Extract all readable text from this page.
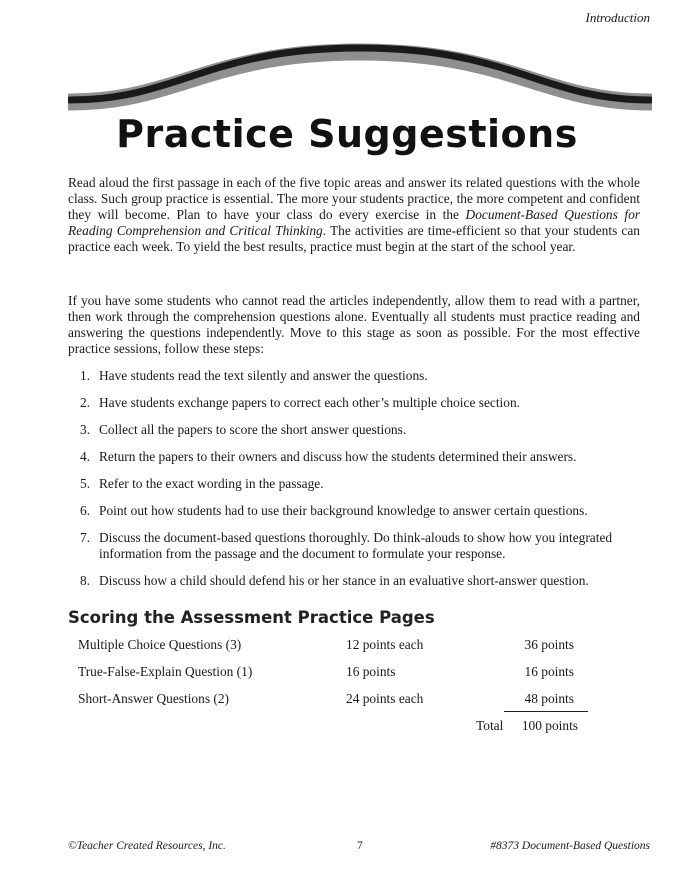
Introduction
Practice Suggestions

Read aloud the first passage in each of the five topic areas and answer its related questions with the whole class. Such group practice is essential. The more your students practice, the more competent and confident they will become. Plan to have your class do every exercise in the Document-Based Questions for Reading Comprehension and Critical Thinking. The activities are time-efficient so that your students can practice each week. To yield the best results, practice must begin at the start of the school year.

If you have some students who cannot read the articles independently, allow them to read with a partner, then work through the comprehension questions alone. Eventually all students must practice reading and answering the questions independently. Move to this stage as soon as possible. For the most effective practice sessions, follow these steps:

1. Have students read the text silently and answer the questions.
2. Have students exchange papers to correct each other’s multiple choice section.
3. Collect all the papers to score the short answer questions.
4. Return the papers to their owners and discuss how the students determined their answers.
5. Refer to the exact wording in the passage.
6. Point out how students had to use their background knowledge to answer certain questions.
7. Discuss the document-based questions thoroughly. Do think-alouds to show how you integrated information from the passage and the document to formulate your response.
8. Discuss how a child should defend his or her stance in an evaluative short-answer question.
Scoring the Assessment Practice Pages
Multiple Choice Questions (3)	12 points each	36 points
True-False-Explain Question (1)	16 points	16 points
Short-Answer Questions (2)	24 points each	48 points
Total 100 points
©Teacher Created Resources, Inc.	7	#8373 Document-Based Questions
